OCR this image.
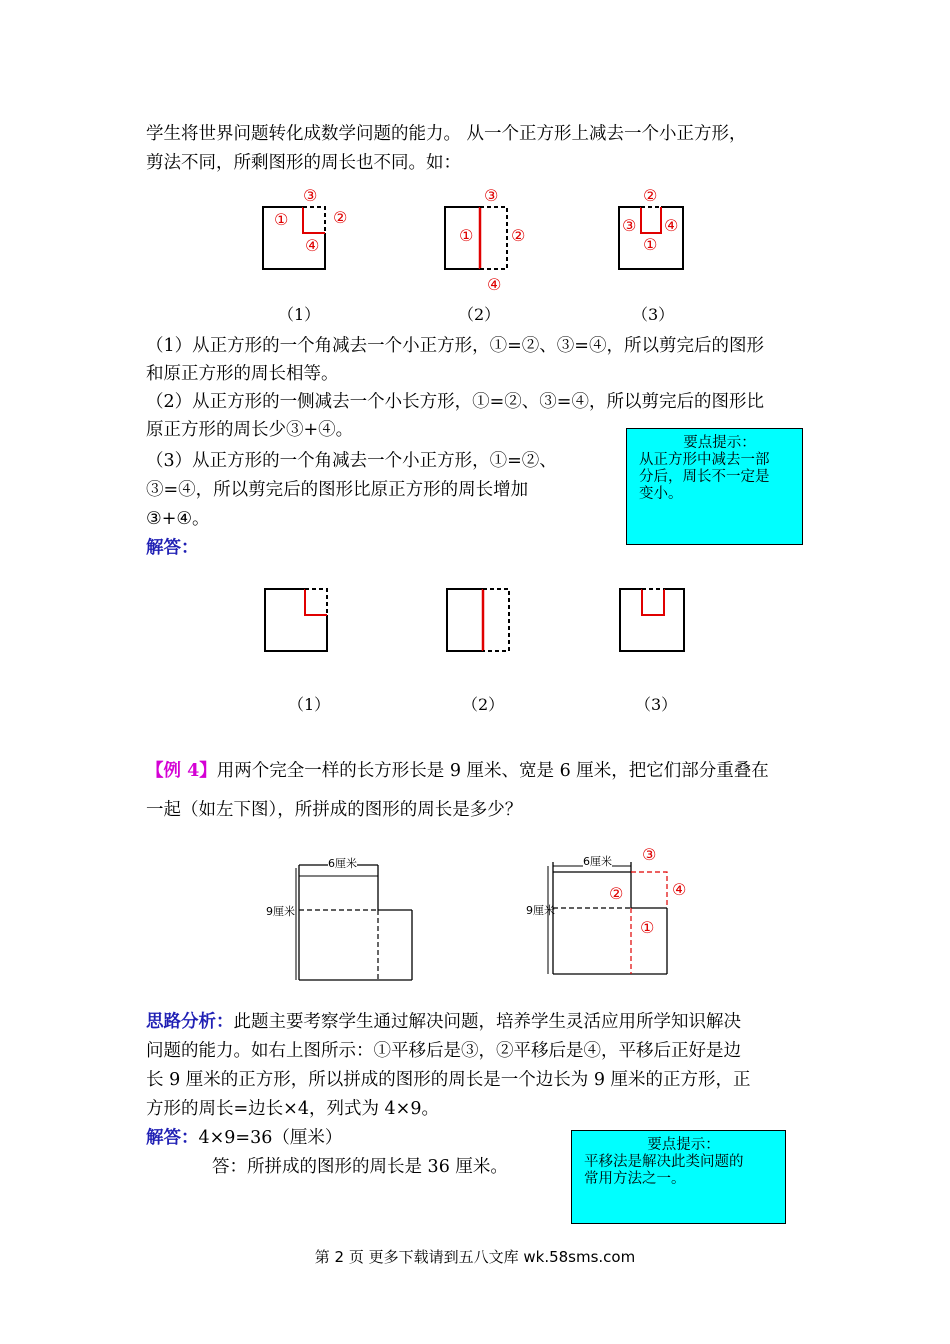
学生将世界问题转化成数学问题的能力。 从一个正方形上减去一个小正方形，
剪法不同，所剩图形的周长也不同。如：
③
①	②
④
③
① ②
④
②
③ ④
①
（1）	（2）	（3）
（1）从正方形的一个角减去一个小正方形，①=②、③=④，所以剪完后的图形
和原正方形的周长相等。
（2）从正方形的一侧减去一个小长方形，①=②、③=④，所以剪完后的图形比
原正方形的周长少③+④。
（3）从正方形的一个角减去一个小正方形，①=②、
③=④，所以剪完后的图形比原正方形的周长增加
③+④。
要点提示：
从正方形中减去一部
分后，周长不一定是
变小。
解答：
（1）	（2）	（3）
【例 4】用两个完全一样的长方形长是 9 厘米、宽是 6 厘米，把它们部分重叠在
一起（如左下图），所拼成的图形的周长是多少？
6厘米
9厘米
6厘米
9厘米
③
②	④
①
思路分析：此题主要考察学生通过解决问题，培养学生灵活应用所学知识解决
问题的能力。如右上图所示：①平移后是③，②平移后是④，平移后正好是边
长 9 厘米的正方形，所以拼成的图形的周长是一个边长为 9 厘米的正方形，正
方形的周长=边长×4，列式为 4×9。
解答：4×9=36（厘米）
答：所拼成的图形的周长是 36 厘米。
要点提示：
平移法是解决此类问题的
常用方法之一。
第 2 页 更多下载请到五八文库 wk.58sms.com
